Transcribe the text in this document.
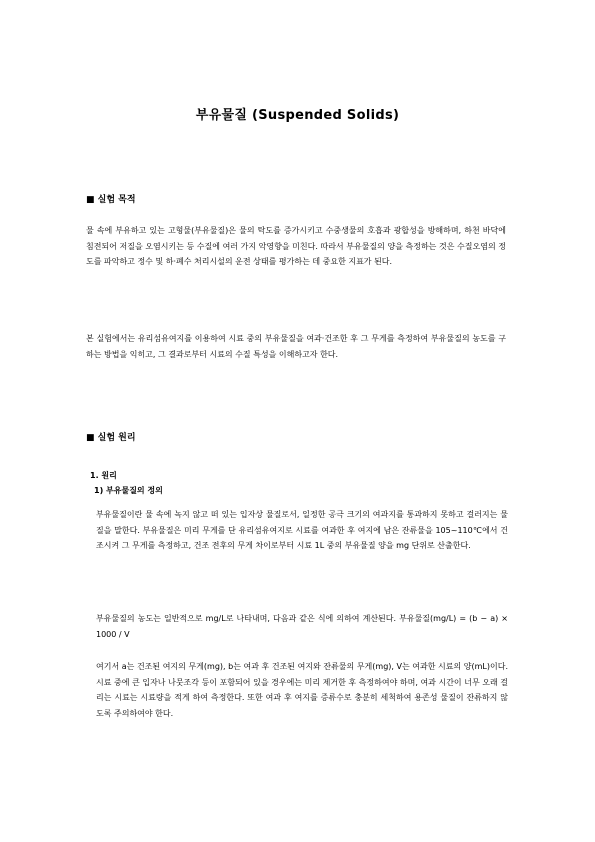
부유물질 (Suspended Solids)
■ 실험 목적
물 속에 부유하고 있는 고형물(부유물질)은 물의 탁도를 증가시키고 수중생물의 호흡과 광합성을 방해하며, 하천 바닥에 침전되어 저질을 오염시키는 등 수질에 여러 가지 악영향을 미친다. 따라서 부유물질의 양을 측정하는 것은 수질오염의 정도를 파악하고 정수 및 하·폐수 처리시설의 운전 상태를 평가하는 데 중요한 지표가 된다.
본 실험에서는 유리섬유여지를 이용하여 시료 중의 부유물질을 여과·건조한 후 그 무게를 측정하여 부유물질의 농도를 구하는 방법을 익히고, 그 결과로부터 시료의 수질 특성을 이해하고자 한다.
■ 실험 원리
1. 원리
1) 부유물질의 정의
부유물질이란 물 속에 녹지 않고 떠 있는 입자상 물질로서, 일정한 공극 크기의 여과지를 통과하지 못하고 걸러지는 물질을 말한다. 부유물질은 미리 무게를 단 유리섬유여지로 시료를 여과한 후 여지에 남은 잔류물을 105~110℃에서 건조시켜 그 무게를 측정하고, 건조 전후의 무게 차이로부터 시료 1L 중의 부유물질 양을 mg 단위로 산출한다.
부유물질의 농도는 일반적으로 mg/L로 나타내며, 다음과 같은 식에 의하여 계산된다. 부유물질(mg/L) = (b − a) × 1000 / V
여기서 a는 건조된 여지의 무게(mg), b는 여과 후 건조된 여지와 잔류물의 무게(mg), V는 여과한 시료의 양(mL)이다. 시료 중에 큰 입자나 나뭇조각 등이 포함되어 있을 경우에는 미리 제거한 후 측정하여야 하며, 여과 시간이 너무 오래 걸리는 시료는 시료량을 적게 하여 측정한다. 또한 여과 후 여지를 증류수로 충분히 세척하여 용존성 물질이 잔류하지 않도록 주의하여야 한다.
